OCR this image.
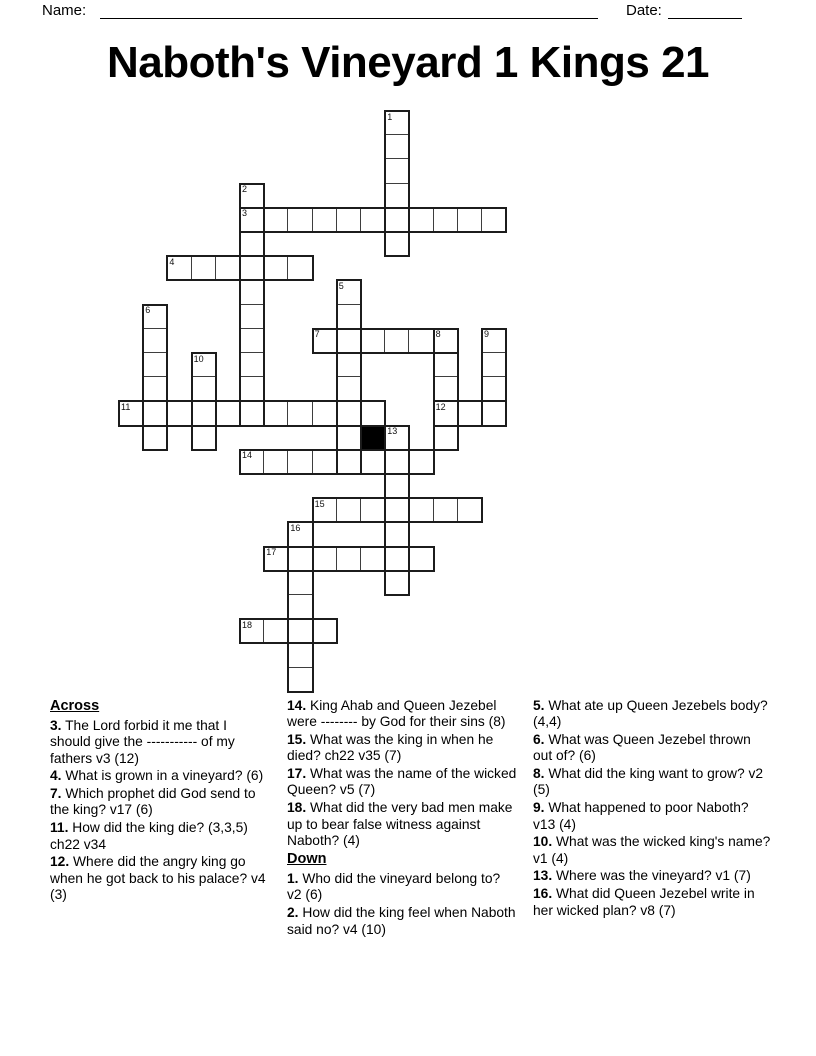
Name:	Date:
Naboth's Vineyard 1 Kings 21
1
2
3
4
5
6
7	8	9
10
11	12
13
14
15
16
17
18
Across
3. The Lord forbid it me that I should give the ----------- of my fathers v3 (12)
4. What is grown in a vineyard? (6)
7. Which prophet did God send to the king? v17 (6)
11. How did the king die? (3,3,5) ch22 v34
12. Where did the angry king go when he got back to his palace? v4 (3)
14. King Ahab and Queen Jezebel were -------- by God for their sins (8)
15. What was the king in when he died? ch22 v35 (7)
17. What was the name of the wicked Queen? v5 (7)
18. What did the very bad men make up to bear false witness against Naboth? (4)
Down
1. Who did the vineyard belong to? v2 (6)
2. How did the king feel when Naboth said no? v4 (10)
5. What ate up Queen Jezebels body? (4,4)
6. What was Queen Jezebel thrown out of? (6)
8. What did the king want to grow? v2 (5)
9. What happened to poor Naboth? v13 (4)
10. What was the wicked king's name? v1 (4)
13. Where was the vineyard? v1 (7)
16. What did Queen Jezebel write in her wicked plan? v8 (7)
